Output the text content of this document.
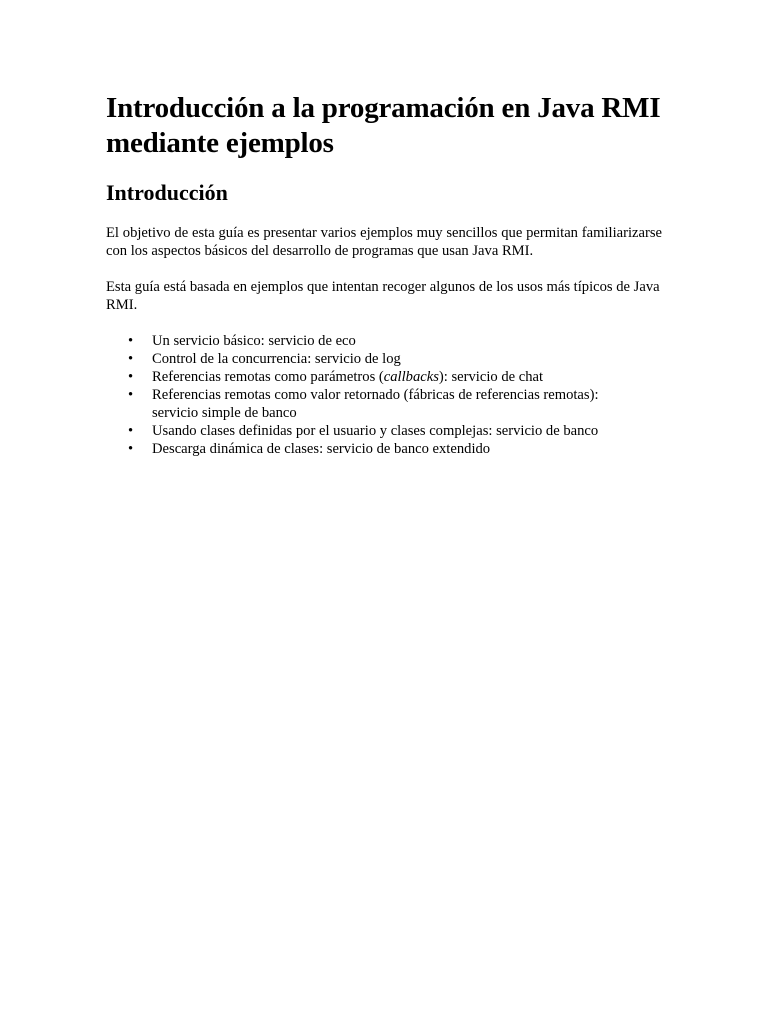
Introducción a la programación en Java RMI mediante ejemplos
Introducción

El objetivo de esta guía es presentar varios ejemplos muy sencillos que permitan familiarizarse con los aspectos básicos del desarrollo de programas que usan Java RMI.

Esta guía está basada en ejemplos que intentan recoger algunos de los usos más típicos de Java RMI.

• Un servicio básico: servicio de eco
• Control de la concurrencia: servicio de log
• Referencias remotas como parámetros (callbacks): servicio de chat
• Referencias remotas como valor retornado (fábricas de referencias remotas): servicio simple de banco
• Usando clases definidas por el usuario y clases complejas: servicio de banco
• Descarga dinámica de clases: servicio de banco extendido
